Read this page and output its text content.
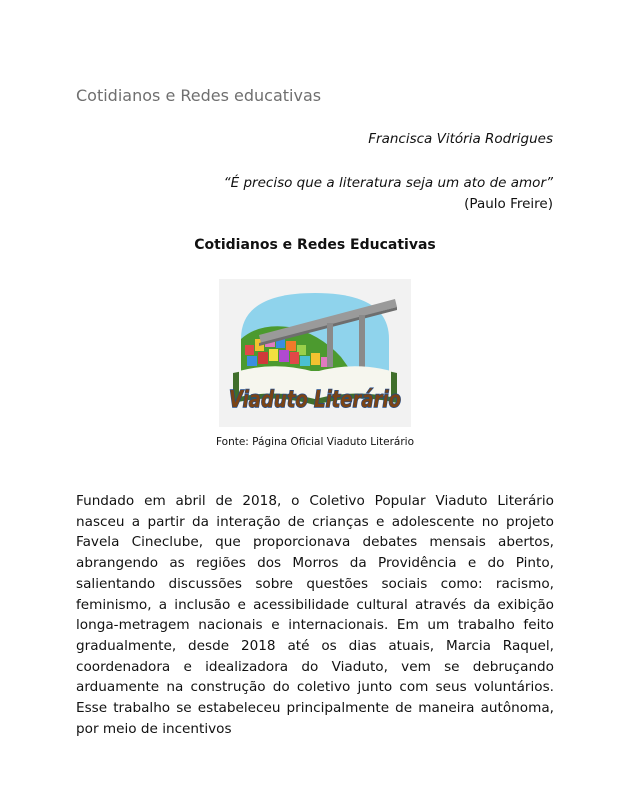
Cotidianos e Redes educativas
Francisca Vitória Rodrigues
“É preciso que a literatura seja um ato de amor”
(Paulo Freire)
Cotidianos e Redes Educativas
Viaduto Literário
Fonte: Página Oficial Viaduto Literário

Fundado em abril de 2018, o Coletivo Popular Viaduto Literário nasceu a partir da interação de crianças e adolescente no projeto Favela Cineclube, que proporcionava debates mensais abertos, abrangendo as regiões dos Morros da Providência e do Pinto, salientando discussões sobre questões sociais como: racismo, feminismo, a inclusão e acessibilidade cultural através da exibição longa-metragem nacionais e internacionais. Em um trabalho feito gradualmente, desde 2018 até os dias atuais, Marcia Raquel, coordenadora e idealizadora do Viaduto, vem se debruçando arduamente na construção do coletivo junto com seus voluntários. Esse trabalho se estabeleceu principalmente de maneira autônoma, por meio de incentivos
